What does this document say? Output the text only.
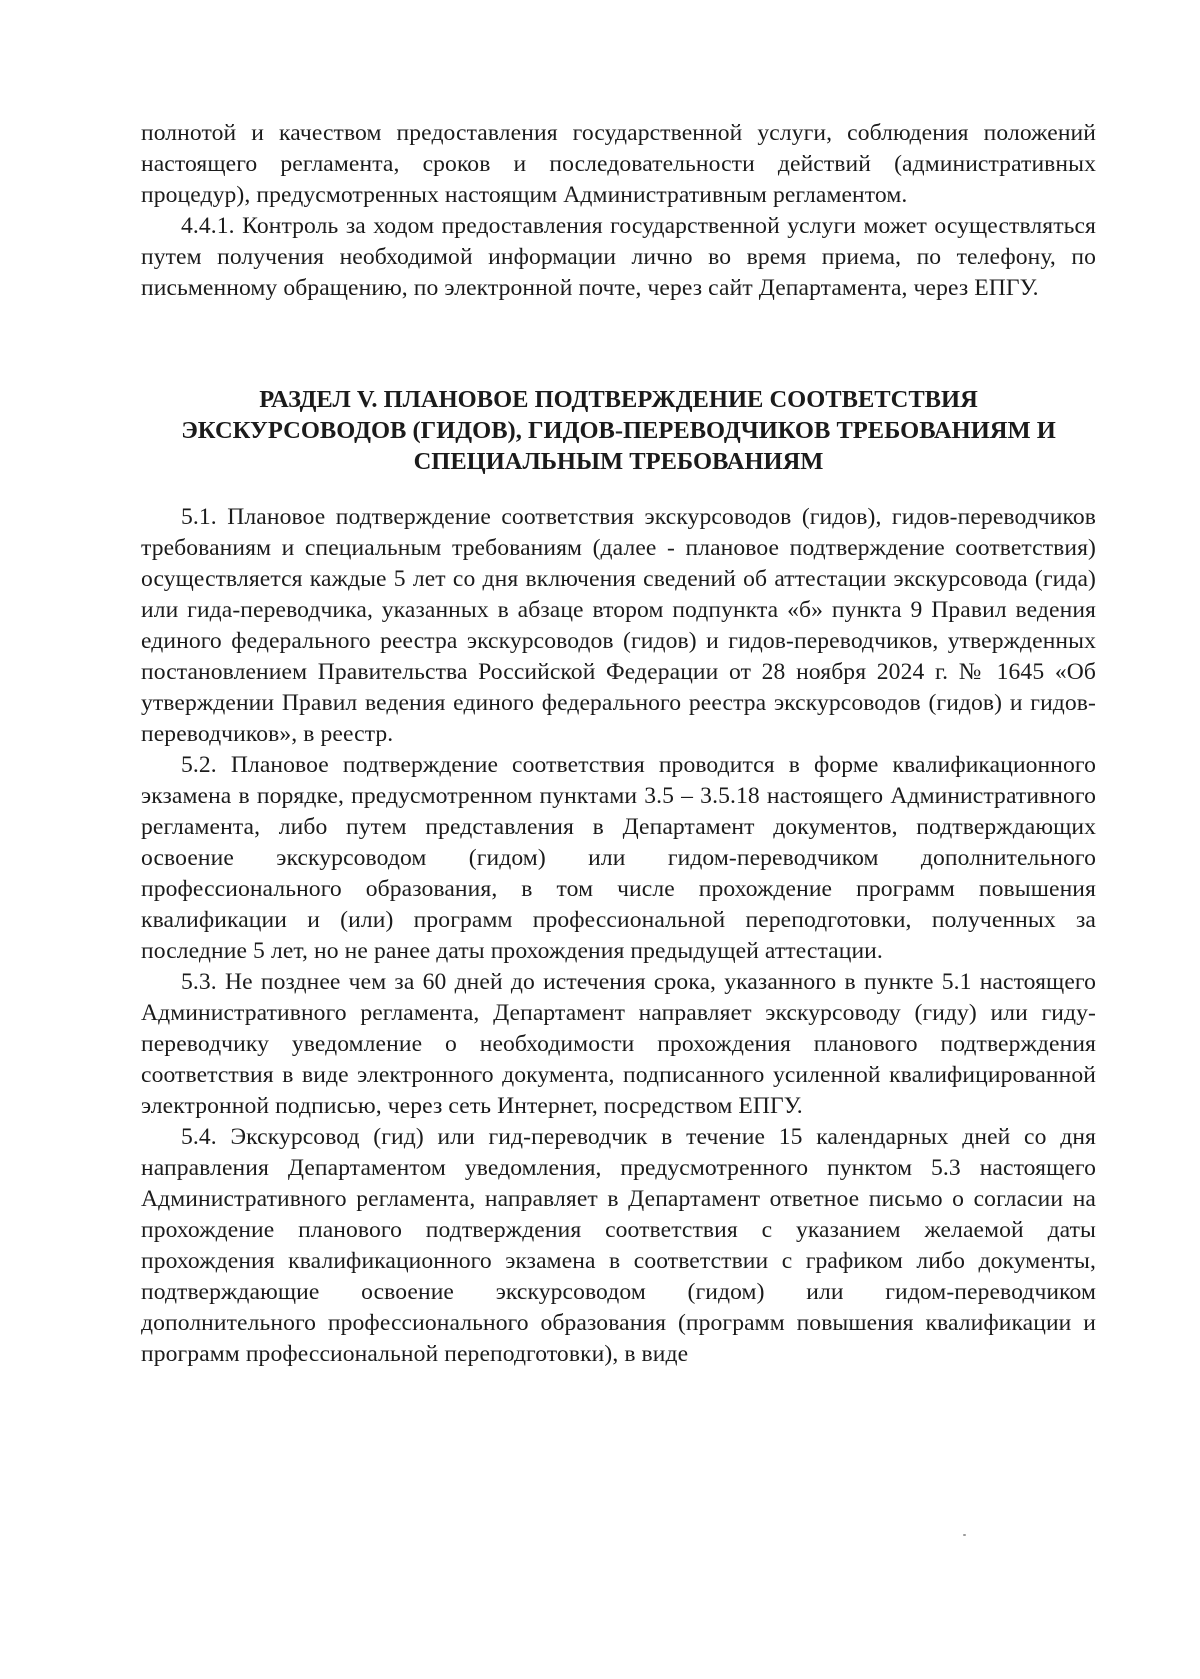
полнотой и качеством предоставления государственной услуги, соблюдения положений настоящего регламента, сроков и последовательности действий (административных процедур), предусмотренных настоящим Административным регламентом.

4.4.1. Контроль за ходом предоставления государственной услуги может осуществляться путем получения необходимой информации лично во время приема, по телефону, по письменному обращению, по электронной почте, через сайт Департамента, через ЕПГУ.

РАЗДЕЛ V. ПЛАНОВОЕ ПОДТВЕРЖДЕНИЕ СООТВЕТСТВИЯ
ЭКСКУРСОВОДОВ (ГИДОВ), ГИДОВ-ПЕРЕВОДЧИКОВ ТРЕБОВАНИЯМ И
СПЕЦИАЛЬНЫМ ТРЕБОВАНИЯМ

5.1. Плановое подтверждение соответствия экскурсоводов (гидов), гидов-переводчиков требованиям и специальным требованиям (далее - плановое подтверждение соответствия) осуществляется каждые 5 лет со дня включения сведений об аттестации экскурсовода (гида) или гида-переводчика, указанных в абзаце втором подпункта «б» пункта 9 Правил ведения единого федерального реестра экскурсоводов (гидов) и гидов-переводчиков, утвержденных постановлением Правительства Российской Федерации от 28 ноября 2024 г. № 1645 «Об утверждении Правил ведения единого федерального реестра экскурсоводов (гидов) и гидов-переводчиков», в реестр.

5.2. Плановое подтверждение соответствия проводится в форме квалификационного экзамена в порядке, предусмотренном пунктами 3.5 – 3.5.18 настоящего Административного регламента, либо путем представления в Департамент документов, подтверждающих освоение экскурсоводом (гидом) или гидом-переводчиком дополнительного профессионального образования, в том числе прохождение программ повышения квалификации и (или) программ профессиональной переподготовки, полученных за последние 5 лет, но не ранее даты прохождения предыдущей аттестации.

5.3. Не позднее чем за 60 дней до истечения срока, указанного в пункте 5.1 настоящего Административного регламента, Департамент направляет экскурсоводу (гиду) или гиду-переводчику уведомление о необходимости прохождения планового подтверждения соответствия в виде электронного документа, подписанного усиленной квалифицированной электронной подписью, через сеть Интернет, посредством ЕПГУ.

5.4. Экскурсовод (гид) или гид-переводчик в течение 15 календарных дней со дня направления Департаментом уведомления, предусмотренного пунктом 5.3 настоящего Административного регламента, направляет в Департамент ответное письмо о согласии на прохождение планового подтверждения соответствия с указанием желаемой даты прохождения квалификационного экзамена в соответствии с графиком либо документы, подтверждающие освоение экскурсоводом (гидом) или гидом-переводчиком дополнительного профессионального образования (программ повышения квалификации и программ профессиональной переподготовки), в виде
